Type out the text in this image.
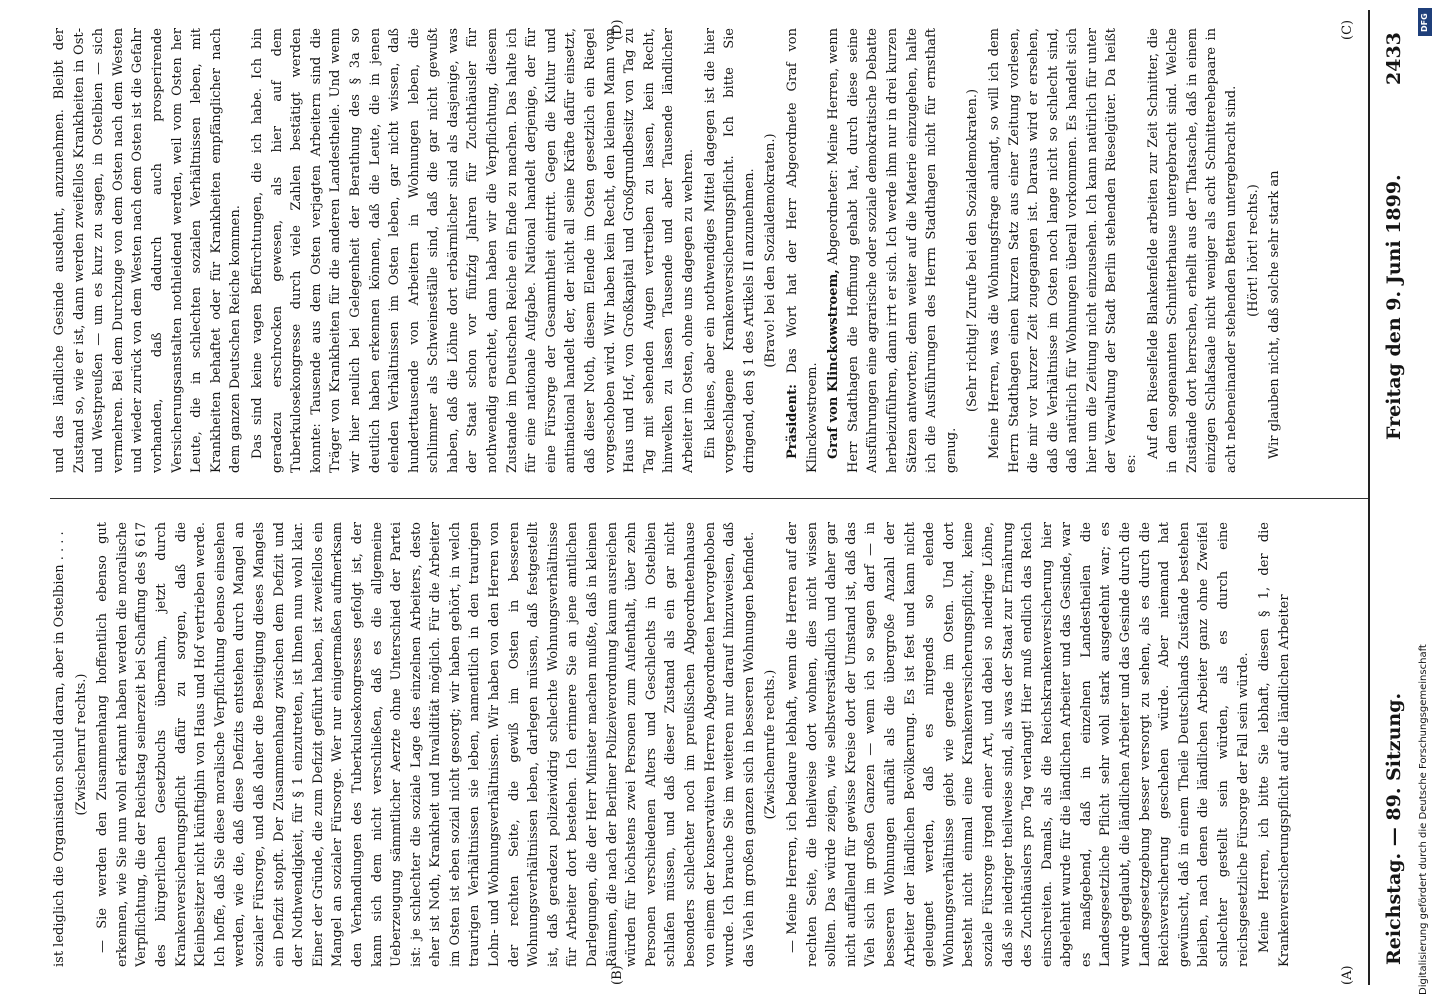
Reichstag. — 89. Sitzung.
Freitag den 9. Juni 1899.
2433
(A)
(B)
(C)
(D)

ist lediglich die Organisation schuld daran, aber in Ostelbien . . . . (Zwischenruf rechts.) — Sie werden den Zusammenhang hoffentlich ebenso gut erkennen, wie Sie nun wohl erkannt haben werden die moralische Verpflichtung, die der Reichstag seinerzeit bei Schaffung des § 617 des bürgerlichen Gesetzbuchs übernahm, jetzt durch Krankenversicherungspflicht dafür zu sorgen, daß die Kleinbesitzer nicht künftighin von Haus und Hof vertrieben werde. Ich hoffe, daß Sie diese moralische Verpflichtung ebenso einsehen werden, wie die, daß diese Defizits entstehen durch Mangel an sozialer Fürsorge, und daß daher die Beseitigung dieses Mangels ein Defizit stopft. Der Zusammenhang zwischen dem Defizit und der Nothwendigkeit, für § 1 einzutreten, ist Ihnen nun wohl klar. Einer der Gründe, die zum Defizit geführt haben, ist zweifellos ein Mangel an sozialer Fürsorge. Wer nur einigermaßen aufmerksam den Verhandlungen des Tuberkulosekongresses gefolgt ist, der kann sich dem nicht verschließen, daß es die allgemeine Ueberzeugung sämmtlicher Aerzte ohne Unterschied der Partei ist: je schlechter die soziale Lage des einzelnen Arbeiters, desto eher ist Noth, Krankheit und Invalidität möglich. Für die Arbeiter im Osten ist eben sozial nicht gesorgt; wir haben gehört, in welch traurigen Verhältnissen sie leben, namentlich in den traurigen Lohn- und Wohnungsverhältnissen. Wir haben von den Herren von der rechten Seite, die gewiß im Osten in besseren Wohnungsverhältnissen leben, darlegen müssen, daß festgestellt ist, daß geradezu polizeiwidrig schlechte Wohnungsverhältnisse für Arbeiter dort bestehen. Ich erinnere Sie an jene amtlichen Darlegungen, die der Herr Minister machen mußte, daß in kleinen Räumen, die nach der Berliner Polizeiverordnung kaum ausreichen würden für höchstens zwei Personen zum Aufenthalt, über zehn Personen verschiedenen Alters und Geschlechts in Ostelbien schlafen müssen, und daß dieser Zustand als ein gar nicht besonders schlechter noch im preußischen Abgeordnetenhause von einem der konservativen Herren Abgeordneten hervorgehoben wurde. Ich brauche Sie im weiteren nur darauf hinzuweisen, daß das Vieh im großen ganzen sich in besseren Wohnungen befindet. (Zwischenrufe rechts.) — Meine Herren, ich bedaure lebhaft, wenn die Herren auf der rechten Seite, die theilweise dort wohnen, dies nicht wissen sollten. Das würde zeigen, wie selbstverständlich und daher gar nicht auffallend für gewisse Kreise dort der Umstand ist, daß das Vieh sich im großen Ganzen — wenn ich so sagen darf — in besseren Wohnungen aufhält als die übergroße Anzahl der Arbeiter der ländlichen Bevölkerung. Es ist fest und kann nicht geleugnet werden, daß es nirgends so elende Wohnungsverhältnisse giebt wie gerade im Osten. Und dort besteht nicht einmal eine Krankenversicherungspflicht, keine soziale Fürsorge irgend einer Art, und dabei so niedrige Löhne, daß sie niedriger theilweise sind, als was der Staat zur Ernährung des Zuchthäuslers pro Tag verlangt! Hier muß endlich das Reich einschreiten. Damals, als die Reichskrankenversicherung hier abgelehnt wurde für die ländlichen Arbeiter und das Gesinde, war es maßgebend, daß in einzelnen Landestheilen die Landesgesetzliche Pflicht sehr wohl stark ausgedehnt war; es wurde geglaubt, die ländlichen Arbeiter und das Gesinde durch die Landesgesetzgebung besser versorgt zu sehen, als es durch die Reichsversicherung geschehen würde. Aber niemand hat gewünscht, daß in einem Theile Deutschlands Zustände bestehen bleiben, nach denen die ländlichen Arbeiter ganz ohne Zweifel schlechter gestellt sein würden, als es durch eine reichsgesetzliche Fürsorge der Fall sein würde. Meine Herren, ich bitte Sie lebhaft, diesen § 1, der die Krankenversicherungspflicht auf die ländlichen Arbeiter

und das ländliche Gesinde ausdehnt, anzunehmen. Bleibt der Zustand so, wie er ist, dann werden zweifellos Krankheiten in Ost- und Westpreußen — um es kurz zu sagen, in Ostelbien — sich vermehren. Bei dem Durchzuge von dem Osten nach dem Westen und wieder zurück von dem Westen nach dem Osten ist die Gefahr vorhanden, daß dadurch auch prosperirende Versicherungsanstalten nothleidend werden, weil vom Osten her Leute, die in schlechten sozialen Verhältnissen leben, mit Krankheiten behaftet oder für Krankheiten empfänglicher nach dem ganzen Deutschen Reiche kommen. Das sind keine vagen Befürchtungen, die ich habe. Ich bin geradezu erschrocken gewesen, als hier auf dem Tuberkulosekongresse durch viele Zahlen bestätigt werden konnte: Tausende aus dem Osten verjagten Arbeitern sind die Träger von Krankheiten für die anderen Landestheile. Und wenn wir hier neulich bei Gelegenheit der Berathung des § 3a so deutlich haben erkennen können, daß die Leute, die in jenen elenden Verhältnissen im Osten leben, gar nicht wissen, daß hunderttausende von Arbeitern in Wohnungen leben, die schlimmer als Schweineställe sind, daß die gar nicht gewußt haben, daß die Löhne dort erbärmlicher sind als dasjenige, was der Staat schon vor fünfzig Jahren für Zuchthäusler für nothwendig erachtet, dann haben wir die Verpflichtung, diesem Zustande im Deutschen Reiche ein Ende zu machen. Das halte ich für eine nationale Aufgabe. National handelt derjenige, der für eine Fürsorge der Gesammtheit eintritt. Gegen die Kultur und antinational handelt der, der nicht all seine Kräfte dafür einsetzt, daß dieser Noth, diesem Elende im Osten gesetzlich ein Riegel vorgeschoben wird. Wir haben kein Recht, den kleinen Mann von Haus und Hof, von Großkapital und Großgrundbesitz von Tag zu Tag mit sehenden Augen vertreiben zu lassen, kein Recht, hinwelken zu lassen Tausende und aber Tausende ländlicher Arbeiter im Osten, ohne uns dagegen zu wehren. Ein kleines, aber ein nothwendiges Mittel dagegen ist die hier vorgeschlagene Krankenversicherungspflicht. Ich bitte Sie dringend, den § 1 des Artikels II anzunehmen. (Bravo! bei den Sozialdemokraten.)

Präsident: Das Wort hat der Herr Abgeordnete Graf von Klinckowstroem. Graf von Klinckowstroem, Abgeordneter: Meine Herren, wenn Herr Stadthagen die Hoffnung gehabt hat, durch diese seine Ausführungen eine agrarische oder soziale demokratische Debatte herbeizuführen, dann irrt er sich. Ich werde ihm nur in drei kurzen Sätzen antworten; denn weiter auf die Materie einzugehen, halte ich die Ausführungen des Herrn Stadthagen nicht für ernsthaft genug.

(Sehr richtig! Zurufe bei den Sozialdemokraten.) Meine Herren, was die Wohnungsfrage anlangt, so will ich dem Herrn Stadthagen einen kurzen Satz aus einer Zeitung vorlesen, die mir vor kurzer Zeit zugegangen ist. Daraus wird er ersehen, daß die Verhältnisse im Osten noch lange nicht so schlecht sind, daß natürlich für Wohnungen überall vorkommen. Es handelt sich hier um die Zeitung nicht einzusehen. Ich kann natürlich für unter der Verwaltung der Stadt Berlin stehenden Rieselgüter. Da heißt es:

Auf den Rieselfelde Blankenfelde arbeiten zur Zeit Schnitter, die in dem sogenannten Schnitterhause untergebracht sind. Welche Zustände dort herrschen, erhellt aus der Thatsache, daß in einem einzigen Schlafsaale nicht weniger als acht Schnitterehepaare in acht nebeneinander stehenden Betten untergebracht sind. (Hört! hört! rechts.) Wir glauben nicht, daß solche sehr stark an

Digitalisierung gefördert durch die Deutsche Forschungsgemeinschaft
DFG
